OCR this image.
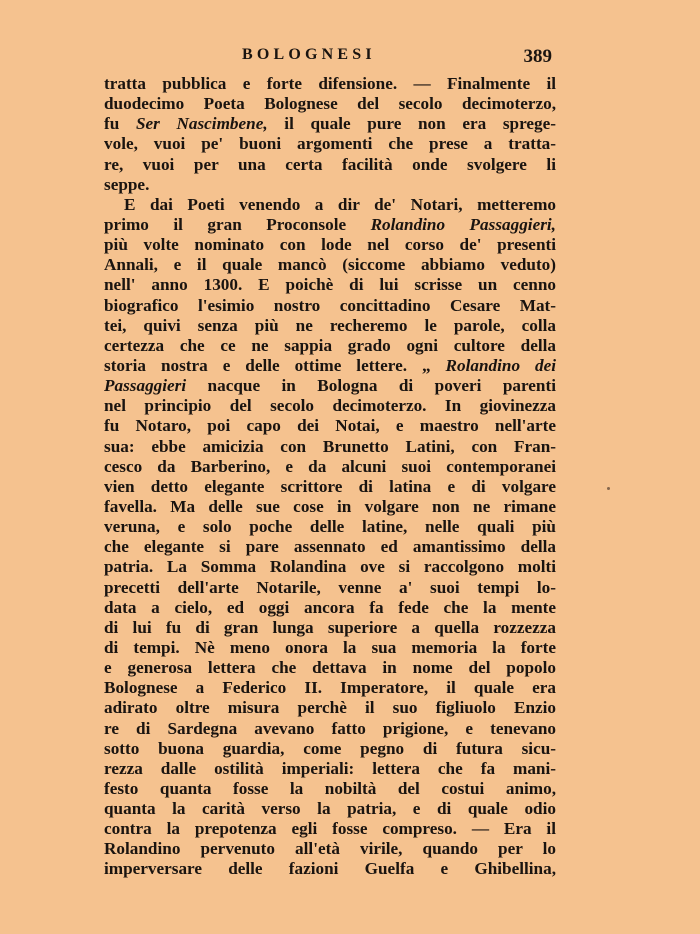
BOLOGNESI	389
tratta pubblica e forte difensione. — Finalmente il
duodecimo Poeta Bolognese del secolo decimoterzo,
fu Ser Nascimbene, il quale pure non era sprege-
vole, vuoi pe' buoni argomenti che prese a tratta-
re, vuoi per una certa facilità onde svolgere li
seppe.
E dai Poeti venendo a dir de' Notari, metteremo
primo il gran Proconsole Rolandino Passaggieri,
più volte nominato con lode nel corso de' presenti
Annali, e il quale mancò (siccome abbiamo veduto)
nell' anno 1300. E poichè di lui scrisse un cenno
biografico l'esimio nostro concittadino Cesare Mat-
tei, quivi senza più ne recheremo le parole, colla
certezza che ce ne sappia grado ogni cultore della
storia nostra e delle ottime lettere. „ Rolandino dei
Passaggieri nacque in Bologna di poveri parenti
nel principio del secolo decimoterzo. In giovinezza
fu Notaro, poi capo dei Notai, e maestro nell'arte
sua: ebbe amicizia con Brunetto Latini, con Fran-
cesco da Barberino, e da alcuni suoi contemporanei
vien detto elegante scrittore di latina e di volgare
favella. Ma delle sue cose in volgare non ne rimane
veruna, e solo poche delle latine, nelle quali più
che elegante si pare assennato ed amantissimo della
patria. La Somma Rolandina ove si raccolgono molti
precetti dell'arte Notarile, venne a' suoi tempi lo-
data a cielo, ed oggi ancora fa fede che la mente
di lui fu di gran lunga superiore a quella rozzezza
di tempi. Nè meno onora la sua memoria la forte
e generosa lettera che dettava in nome del popolo
Bolognese a Federico II. Imperatore, il quale era
adirato oltre misura perchè il suo figliuolo Enzio
re di Sardegna avevano fatto prigione, e tenevano
sotto buona guardia, come pegno di futura sicu-
rezza dalle ostilità imperiali: lettera che fa mani-
festo quanta fosse la nobiltà del costui animo,
quanta la carità verso la patria, e di quale odio
contra la prepotenza egli fosse compreso. — Era il
Rolandino pervenuto all'età virile, quando per lo
imperversare delle fazioni Guelfa e Ghibellina,
